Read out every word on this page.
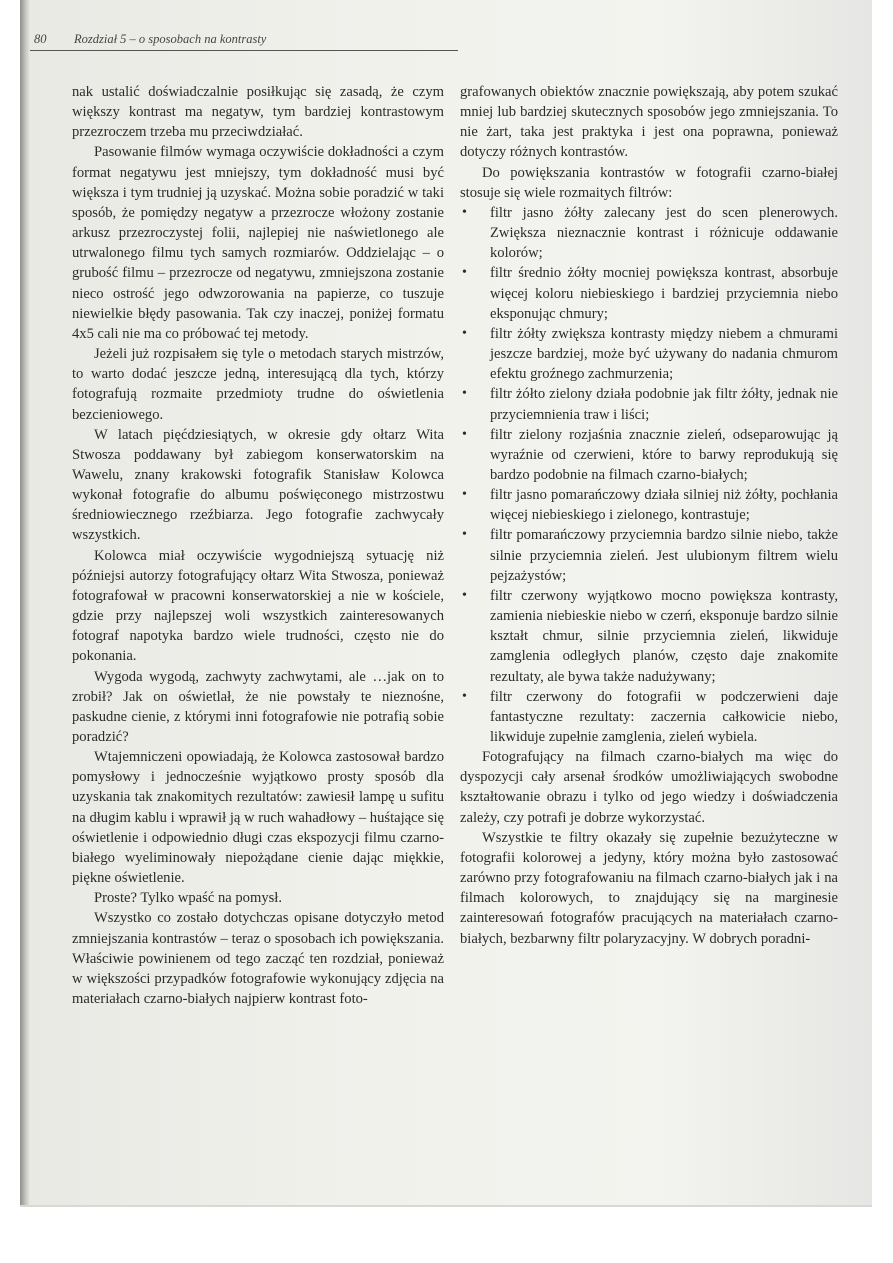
80 Rozdział 5 – o sposobach na kontrasty

nak ustalić doświadczalnie posiłkując się zasadą, że czym większy kontrast ma negatyw, tym bardziej kontrastowym przezroczem trzeba mu przeciwdziałać.

Pasowanie filmów wymaga oczywiście dokładności a czym format negatywu jest mniejszy, tym dokładność musi być większa i tym trudniej ją uzyskać. Można sobie poradzić w taki sposób, że pomiędzy negatyw a przezrocze włożony zostanie arkusz przezroczystej folii, najlepiej nie naświetlonego ale utrwalonego filmu tych samych rozmiarów. Oddzielając – o grubość filmu – przezrocze od negatywu, zmniejszona zostanie nieco ostrość jego odwzorowania na papierze, co tuszuje niewielkie błędy pasowania. Tak czy inaczej, poniżej formatu 4x5 cali nie ma co próbować tej metody.

Jeżeli już rozpisałem się tyle o metodach starych mistrzów, to warto dodać jeszcze jedną, interesującą dla tych, którzy fotografują rozmaite przedmioty trudne do oświetlenia bezcieniowego.

W latach pięćdziesiątych, w okresie gdy ołtarz Wita Stwosza poddawany był zabiegom konserwatorskim na Wawelu, znany krakowski fotografik Stanisław Kolowca wykonał fotografie do albumu poświęconego mistrzostwu średniowiecznego rzeźbiarza. Jego fotografie zachwycały wszystkich.

Kolowca miał oczywiście wygodniejszą sytuację niż późniejsi autorzy fotografujący ołtarz Wita Stwosza, ponieważ fotografował w pracowni konserwatorskiej a nie w kościele, gdzie przy najlepszej woli wszystkich zainteresowanych fotograf napotyka bardzo wiele trudności, często nie do pokonania.

Wygoda wygodą, zachwyty zachwytami, ale …jak on to zrobił? Jak on oświetlał, że nie powstały te nieznośne, paskudne cienie, z którymi inni fotografowie nie potrafią sobie poradzić?

Wtajemniczeni opowiadają, że Kolowca zastosował bardzo pomysłowy i jednocześnie wyjątkowo prosty sposób dla uzyskania tak znakomitych rezultatów: zawiesił lampę u sufitu na długim kablu i wprawił ją w ruch wahadłowy – huśtające się oświetlenie i odpowiednio długi czas ekspozycji filmu czarno-białego wyeliminowały niepożądane cienie dając miękkie, piękne oświetlenie.

Proste? Tylko wpaść na pomysł.

Wszystko co zostało dotychczas opisane dotyczyło metod zmniejszania kontrastów – teraz o sposobach ich powiększania. Właściwie powinienem od tego zacząć ten rozdział, ponieważ w większości przypadków fotografowie wykonujący zdjęcia na materiałach czarno-białych najpierw kontrast foto-

grafowanych obiektów znacznie powiększają, aby potem szukać mniej lub bardziej skutecznych sposobów jego zmniejszania. To nie żart, taka jest praktyka i jest ona poprawna, ponieważ dotyczy różnych kontrastów.

Do powiększania kontrastów w fotografii czarno-białej stosuje się wiele rozmaitych filtrów:

• filtr jasno żółty zalecany jest do scen plenerowych. Zwiększa nieznacznie kontrast i różnicuje oddawanie kolorów;
• filtr średnio żółty mocniej powiększa kontrast, absorbuje więcej koloru niebieskiego i bardziej przyciemnia niebo eksponując chmury;
• filtr żółty zwiększa kontrasty między niebem a chmurami jeszcze bardziej, może być używany do nadania chmurom efektu groźnego zachmurzenia;
• filtr żółto zielony działa podobnie jak filtr żółty, jednak nie przyciemnienia traw i liści;
• filtr zielony rozjaśnia znacznie zieleń, odseparowując ją wyraźnie od czerwieni, które to barwy reprodukują się bardzo podobnie na filmach czarno-białych;
• filtr jasno pomarańczowy działa silniej niż żółty, pochłania więcej niebieskiego i zielonego, kontrastuje;
• filtr pomarańczowy przyciemnia bardzo silnie niebo, także silnie przyciemnia zieleń. Jest ulubionym filtrem wielu pejzażystów;
• filtr czerwony wyjątkowo mocno powiększa kontrasty, zamienia niebieskie niebo w czerń, eksponuje bardzo silnie kształt chmur, silnie przyciemnia zieleń, likwiduje zamglenia odległych planów, często daje znakomite rezultaty, ale bywa także nadużywany;
• filtr czerwony do fotografii w podczerwieni daje fantastyczne rezultaty: zaczernia całkowicie niebo, likwiduje zupełnie zamglenia, zieleń wybiela.

Fotografujący na filmach czarno-białych ma więc do dyspozycji cały arsenał środków umożliwiających swobodne kształtowanie obrazu i tylko od jego wiedzy i doświadczenia zależy, czy potrafi je dobrze wykorzystać.

Wszystkie te filtry okazały się zupełnie bezużyteczne w fotografii kolorowej a jedyny, który można było zastosować zarówno przy fotografowaniu na filmach czarno-białych jak i na filmach kolorowych, to znajdujący się na marginesie zainteresowań fotografów pracujących na materiałach czarno-białych, bezbarwny filtr polaryzacyjny. W dobrych poradni-
